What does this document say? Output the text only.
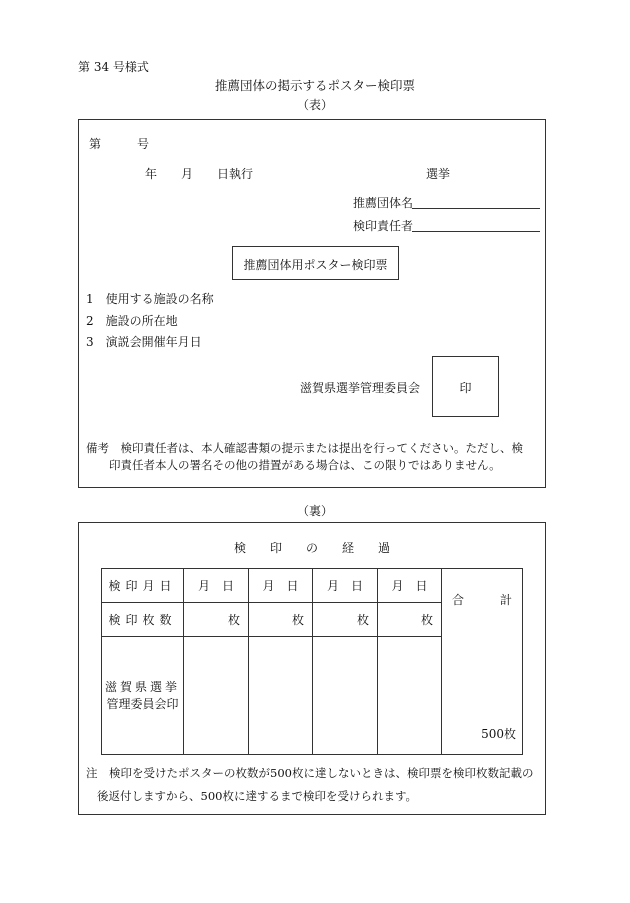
第 34 号様式
推薦団体の掲示するポスター検印票
（表）
第　　　号
年　　月　　日執行	選挙
推薦団体名
検印責任者
推薦団体用ポスター検印票
1　使用する施設の名称
2　施設の所在地
3　演説会開催年月日
滋賀県選挙管理委員会	印
備考　検印責任者は、本人確認書類の提示または提出を行ってください。ただし、検
印責任者本人の署名その他の措置がある場合は、この限りではありません。
（裏）
検　　印　　の　　経　　過
検印月日	月　日	月　日	月　日	月　日	合　　　計
500枚

検印枚数	枚	枚	枚	枚	

滋賀県選挙
管理委員会印					

注　検印を受けたポスターの枚数が500枚に達しないときは、検印票を検印枚数記載の
後返付しますから、500枚に達するまで検印を受けられます。
